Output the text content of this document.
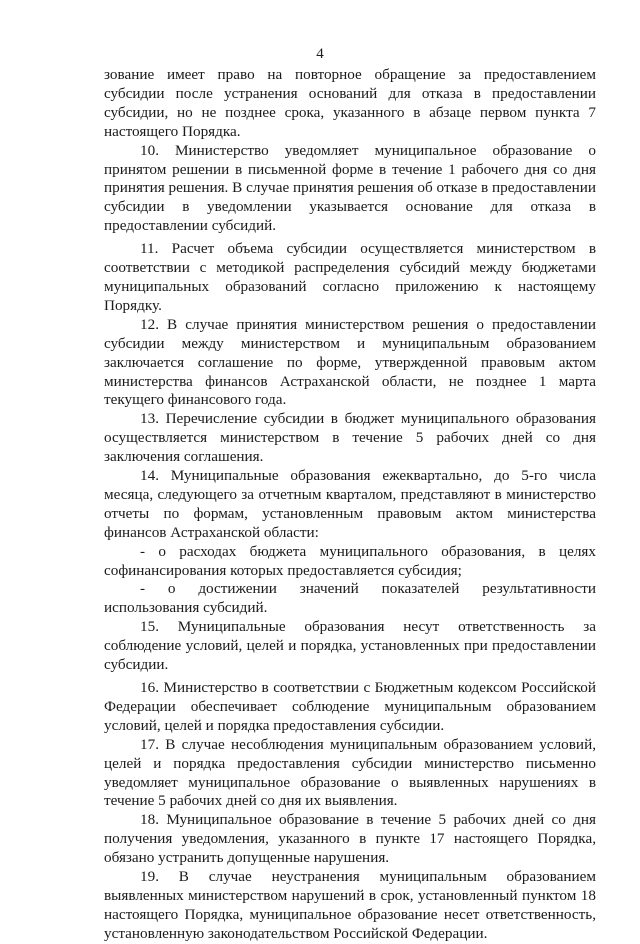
4

зование имеет право на повторное обращение за предоставлением субсидии после устранения оснований для отказа в предоставлении субсидии, но не позднее срока, указанного в абзаце первом пункта 7 настоящего Порядка.

10. Министерство уведомляет муниципальное образование о принятом решении в письменной форме в течение 1 рабочего дня со дня принятия решения. В случае принятия решения об отказе в предоставлении субсидии в уведомлении указывается основание для отказа в предоставлении субсидий.

11. Расчет объема субсидии осуществляется министерством в соответствии с методикой распределения субсидий между бюджетами муниципальных образований согласно приложению к настоящему Порядку.

12. В случае принятия министерством решения о предоставлении субсидии между министерством и муниципальным образованием заключается соглашение по форме, утвержденной правовым актом министерства финансов Астраханской области, не позднее 1 марта текущего финансового года.

13. Перечисление субсидии в бюджет муниципального образования осуществляется министерством в течение 5 рабочих дней со дня заключения соглашения.

14. Муниципальные образования ежеквартально, до 5-го числа месяца, следующего за отчетным кварталом, представляют в министерство отчеты по формам, установленным правовым актом министерства финансов Астраханской области:

- о расходах бюджета муниципального образования, в целях софинансирования которых предоставляется субсидия;

- о достижении значений показателей результативности использования субсидий.

15. Муниципальные образования несут ответственность за соблюдение условий, целей и порядка, установленных при предоставлении субсидии.

16. Министерство в соответствии с Бюджетным кодексом Российской Федерации обеспечивает соблюдение муниципальным образованием условий, целей и порядка предоставления субсидии.

17. В случае несоблюдения муниципальным образованием условий, целей и порядка предоставления субсидии министерство письменно уведомляет муниципальное образование о выявленных нарушениях в течение 5 рабочих дней со дня их выявления.

18. Муниципальное образование в течение 5 рабочих дней со дня получения уведомления, указанного в пункте 17 настоящего Порядка, обязано устранить допущенные нарушения.

19. В случае неустранения муниципальным образованием выявленных министерством нарушений в срок, установленный пунктом 18 настоящего Порядка, муниципальное образование несет ответственность, установленную законодательством Российской Федерации.
